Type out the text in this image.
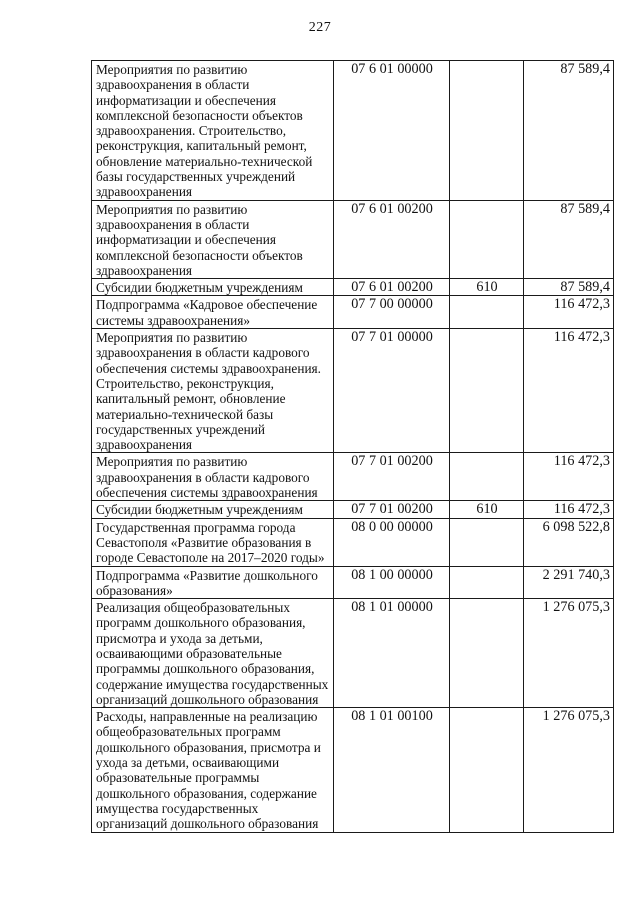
227
Мероприятия по развитию здравоохранения в области информатизации и обеспечения комплексной безопасности объектов здравоохранения. Строительство, реконструкция, капитальный ремонт, обновление материально-технической базы государственных учреждений здравоохранения	07 6 01 00000		87 589,4
Мероприятия по развитию здравоохранения в области информатизации и обеспечения комплексной безопасности объектов здравоохранения	07 6 01 00200		87 589,4
Субсидии бюджетным учреждениям	07 6 01 00200	610	87 589,4
Подпрограмма «Кадровое обеспечение системы здравоохранения»	07 7 00 00000		116 472,3
Мероприятия по развитию здравоохранения в области кадрового обеспечения системы здравоохранения. Строительство, реконструкция, капитальный ремонт, обновление материально-технической базы государственных учреждений здравоохранения	07 7 01 00000		116 472,3
Мероприятия по развитию здравоохранения в области кадрового обеспечения системы здравоохранения	07 7 01 00200		116 472,3
Субсидии бюджетным учреждениям	07 7 01 00200	610	116 472,3
Государственная программа города Севастополя «Развитие образования в городе Севастополе на 2017–2020 годы»	08 0 00 00000		6 098 522,8
Подпрограмма «Развитие дошкольного образования»	08 1 00 00000		2 291 740,3
Реализация общеобразовательных программ дошкольного образования, присмотра и ухода за детьми, осваивающими образовательные программы дошкольного образования, содержание имущества государственных организаций дошкольного образования	08 1 01 00000		1 276 075,3
Расходы, направленные на реализацию общеобразовательных программ дошкольного образования, присмотра и ухода за детьми, осваивающими образовательные программы дошкольного образования, содержание имущества государственных организаций дошкольного образования	08 1 01 00100		1 276 075,3
